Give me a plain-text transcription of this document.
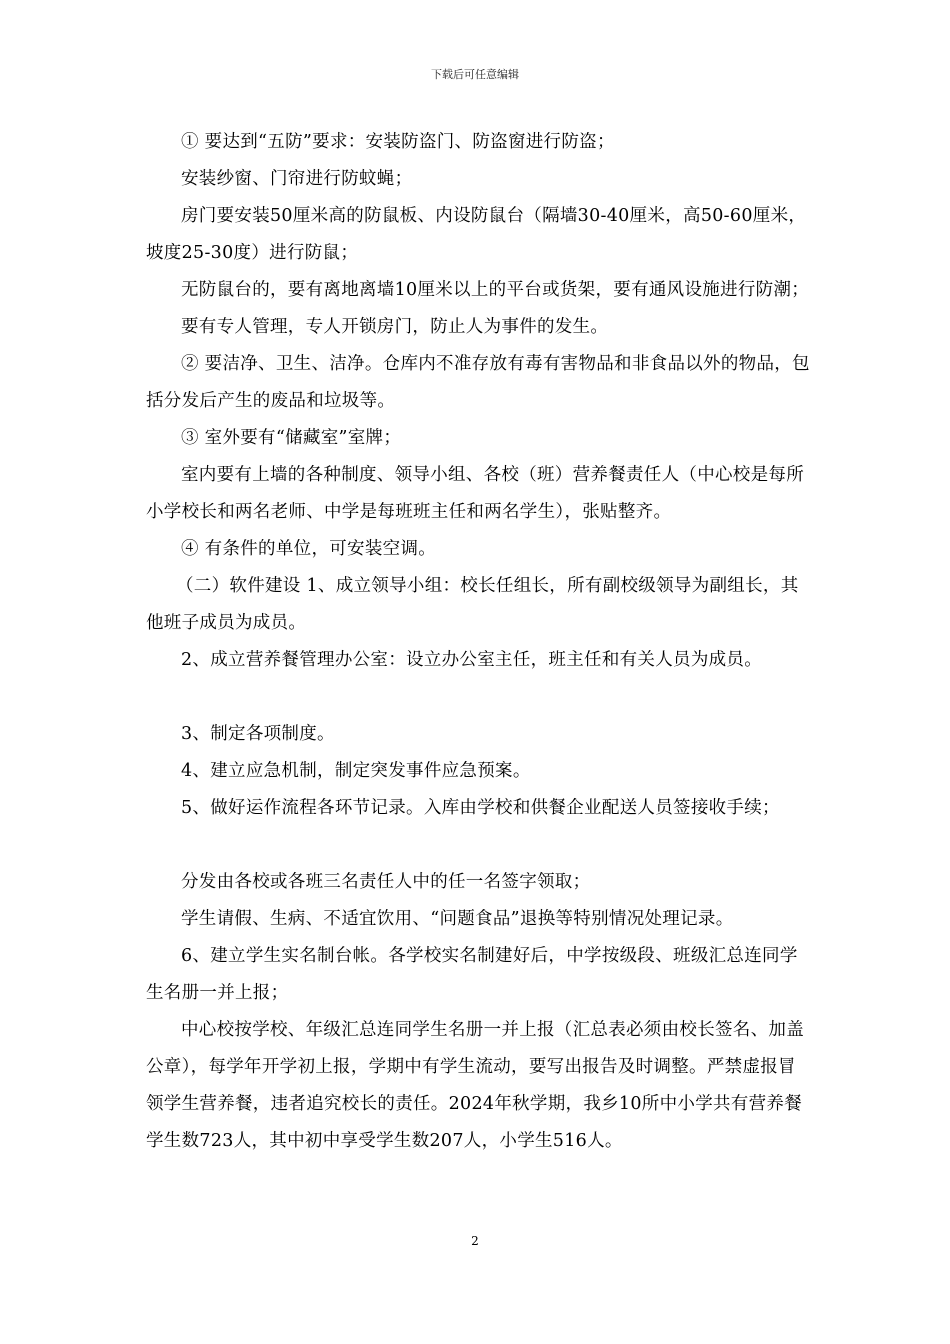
下载后可任意编辑

① 要达到“五防”要求：安装防盗门、防盗窗进行防盗；

安装纱窗、门帘进行防蚊蝇；

房门要安装50厘米高的防鼠板、内设防鼠台（隔墙30-40厘米，高50-60厘米，坡度25-30度）进行防鼠；

无防鼠台的，要有离地离墙10厘米以上的平台或货架，要有通风设施进行防潮；

要有专人管理，专人开锁房门，防止人为事件的发生。

② 要洁净、卫生、洁净。仓库内不准存放有毒有害物品和非食品以外的物品，包括分发后产生的废品和垃圾等。

③ 室外要有“储藏室”室牌；

室内要有上墙的各种制度、领导小组、各校（班）营养餐责任人（中心校是每所小学校长和两名老师、中学是每班班主任和两名学生），张贴整齐。

④ 有条件的单位，可安装空调。

（二）软件建设 1、成立领导小组：校长任组长，所有副校级领导为副组长，其他班子成员为成员。

2、成立营养餐管理办公室：设立办公室主任，班主任和有关人员为成员。

3、制定各项制度。

4、建立应急机制，制定突发事件应急预案。

5、做好运作流程各环节记录。入库由学校和供餐企业配送人员签接收手续；

分发由各校或各班三名责任人中的任一名签字领取；

学生请假、生病、不适宜饮用、“问题食品”退换等特别情况处理记录。

6、建立学生实名制台帐。各学校实名制建好后，中学按级段、班级汇总连同学生名册一并上报；

中心校按学校、年级汇总连同学生名册一并上报（汇总表必须由校长签名、加盖公章），每学年开学初上报，学期中有学生流动，要写出报告及时调整。严禁虚报冒领学生营养餐，违者追究校长的责任。2024年秋学期，我乡10所中小学共有营养餐学生数723人，其中初中享受学生数207人，小学生516人。

2
